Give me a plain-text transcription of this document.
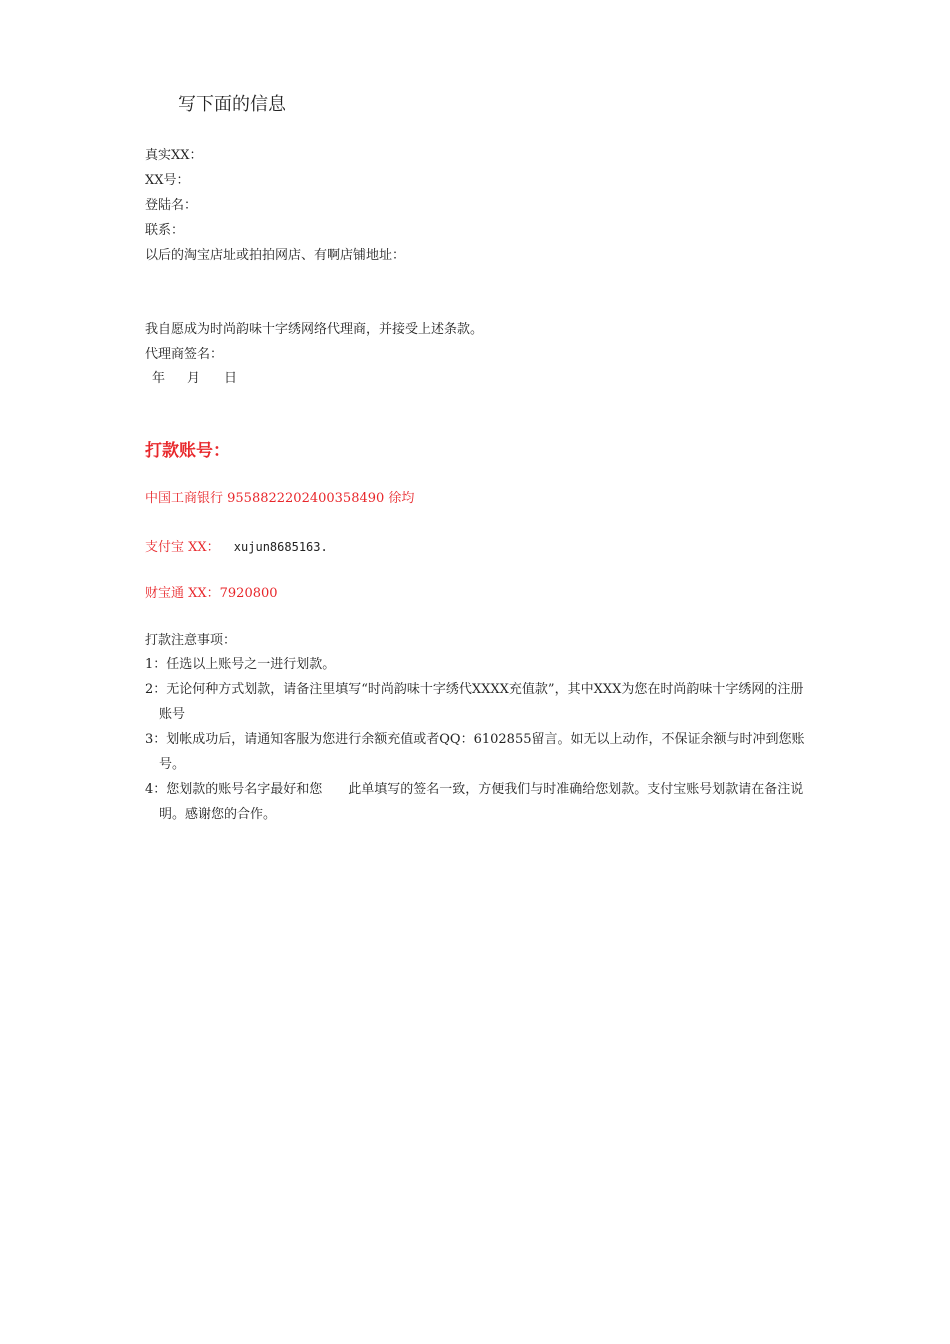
写下面的信息
真实XX：
XX号：
登陆名：
联系：
以后的淘宝店址或拍拍网店、有啊店铺地址：
我自愿成为时尚韵味十字绣网络代理商，并接受上述条款。
代理商签名：
年 月 日
打款账号：
中国工商银行 9558822202400358490 徐均
支付宝 XX： xujun8685163.
财宝通 XX：7920800
打款注意事项：
1：任选以上账号之一进行划款。
2：无论何种方式划款，请备注里填写“时尚韵味十字绣代XXXX充值款”，其中XXX为您在时尚韵味十字绣网的注册账号
3：划帐成功后，请通知客服为您进行余额充值或者QQ：6102855留言。如无以上动作，不保证余额与时冲到您账号。
4：您划款的账号名字最好和您　　此单填写的签名一致，方便我们与时准确给您划款。支付宝账号划款请在备注说明。感谢您的合作。
